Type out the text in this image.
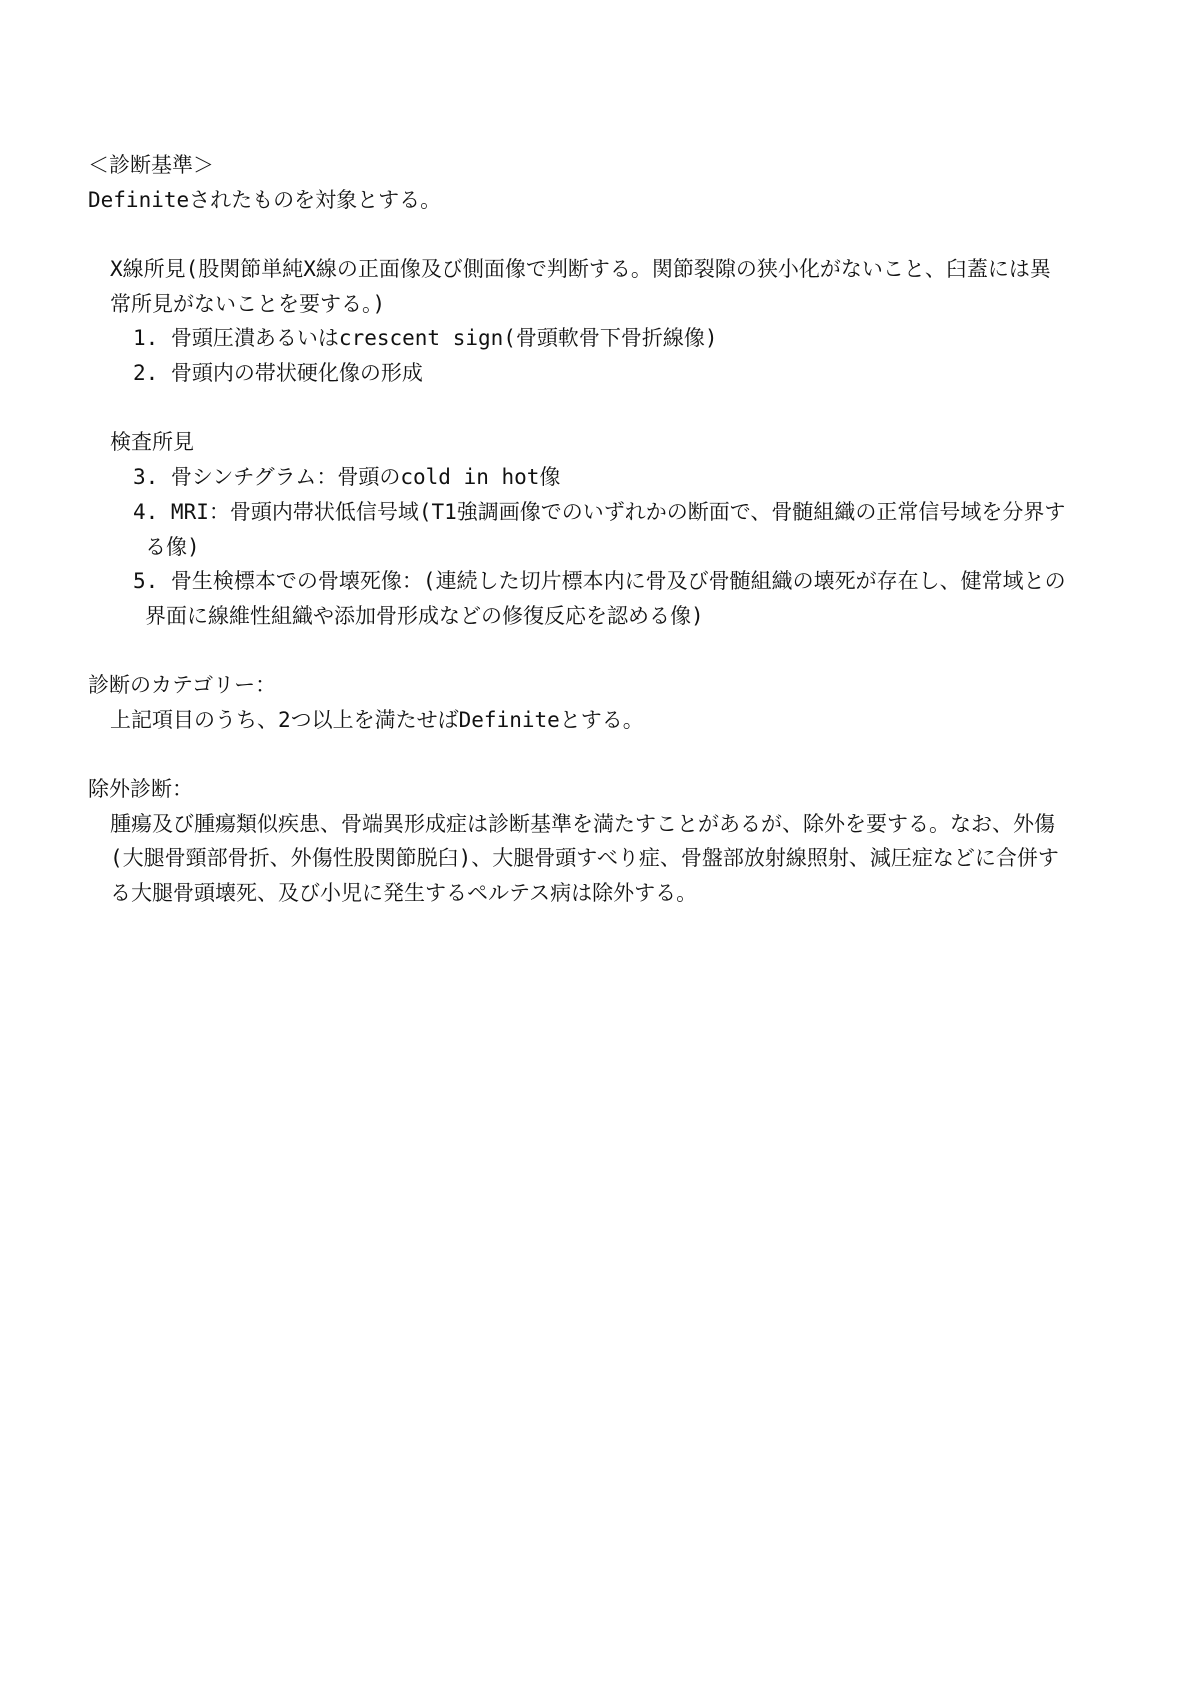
＜診断基準＞
Definiteされたものを対象とする。
X線所見(股関節単純X線の正面像及び側面像で判断する。関節裂隙の狭小化がないこと、臼蓋には異
常所見がないことを要する。)
1. 骨頭圧潰あるいはcrescent sign(骨頭軟骨下骨折線像)
2. 骨頭内の帯状硬化像の形成
検査所見
3. 骨シンチグラム：骨頭のcold in hot像
4. MRI：骨頭内帯状低信号域(T1強調画像でのいずれかの断面で、骨髄組織の正常信号域を分界す
る像)
5. 骨生検標本での骨壊死像：(連続した切片標本内に骨及び骨髄組織の壊死が存在し、健常域との
界面に線維性組織や添加骨形成などの修復反応を認める像)
診断のカテゴリー：
上記項目のうち、2つ以上を満たせばDefiniteとする。
除外診断：
腫瘍及び腫瘍類似疾患、骨端異形成症は診断基準を満たすことがあるが、除外を要する。なお、外傷
(大腿骨頸部骨折、外傷性股関節脱臼)、大腿骨頭すべり症、骨盤部放射線照射、減圧症などに合併す
る大腿骨頭壊死、及び小児に発生するペルテス病は除外する。
